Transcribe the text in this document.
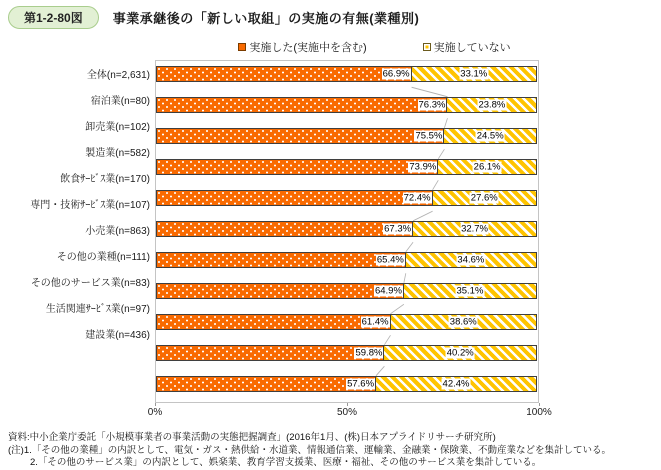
第1-2-80図	事業承継後の「新しい取組」の実施の有無(業種別)
実施した(実施中を含む)	実施していない
全体(n=2,631)
宿泊業(n=80)
卸売業(n=102)
製造業(n=582)
飲食ｻｰﾋﾞｽ業(n=170)
専門・技術ｻｰﾋﾞｽ業(n=107)
小売業(n=863)
その他の業種(n=111)
その他のサービス業(n=83)
生活関連ｻｰﾋﾞｽ業(n=97)
建設業(n=436)
66.9%	33.1%
76.3%	23.8%
75.5%	24.5%
73.9%	26.1%
72.4%	27.6%
67.3%	32.7%
65.4%	34.6%
64.9%	35.1%
61.4%	38.6%
59.8%	40.2%
57.6%	42.4%
0%	50%	100%
資料:中小企業庁委託「小規模事業者の事業活動の実態把握調査」(2016年1月、(株)日本アプライドリサーチ研究所)
(注)1.「その他の業種」の内訳として、電気・ガス・熱供給・水道業、情報通信業、運輸業、金融業・保険業、不動産業などを集計している。
2.「その他のサービス業」の内訳として、娯楽業、教育学習支援業、医療・福祉、その他のサービス業を集計している。
